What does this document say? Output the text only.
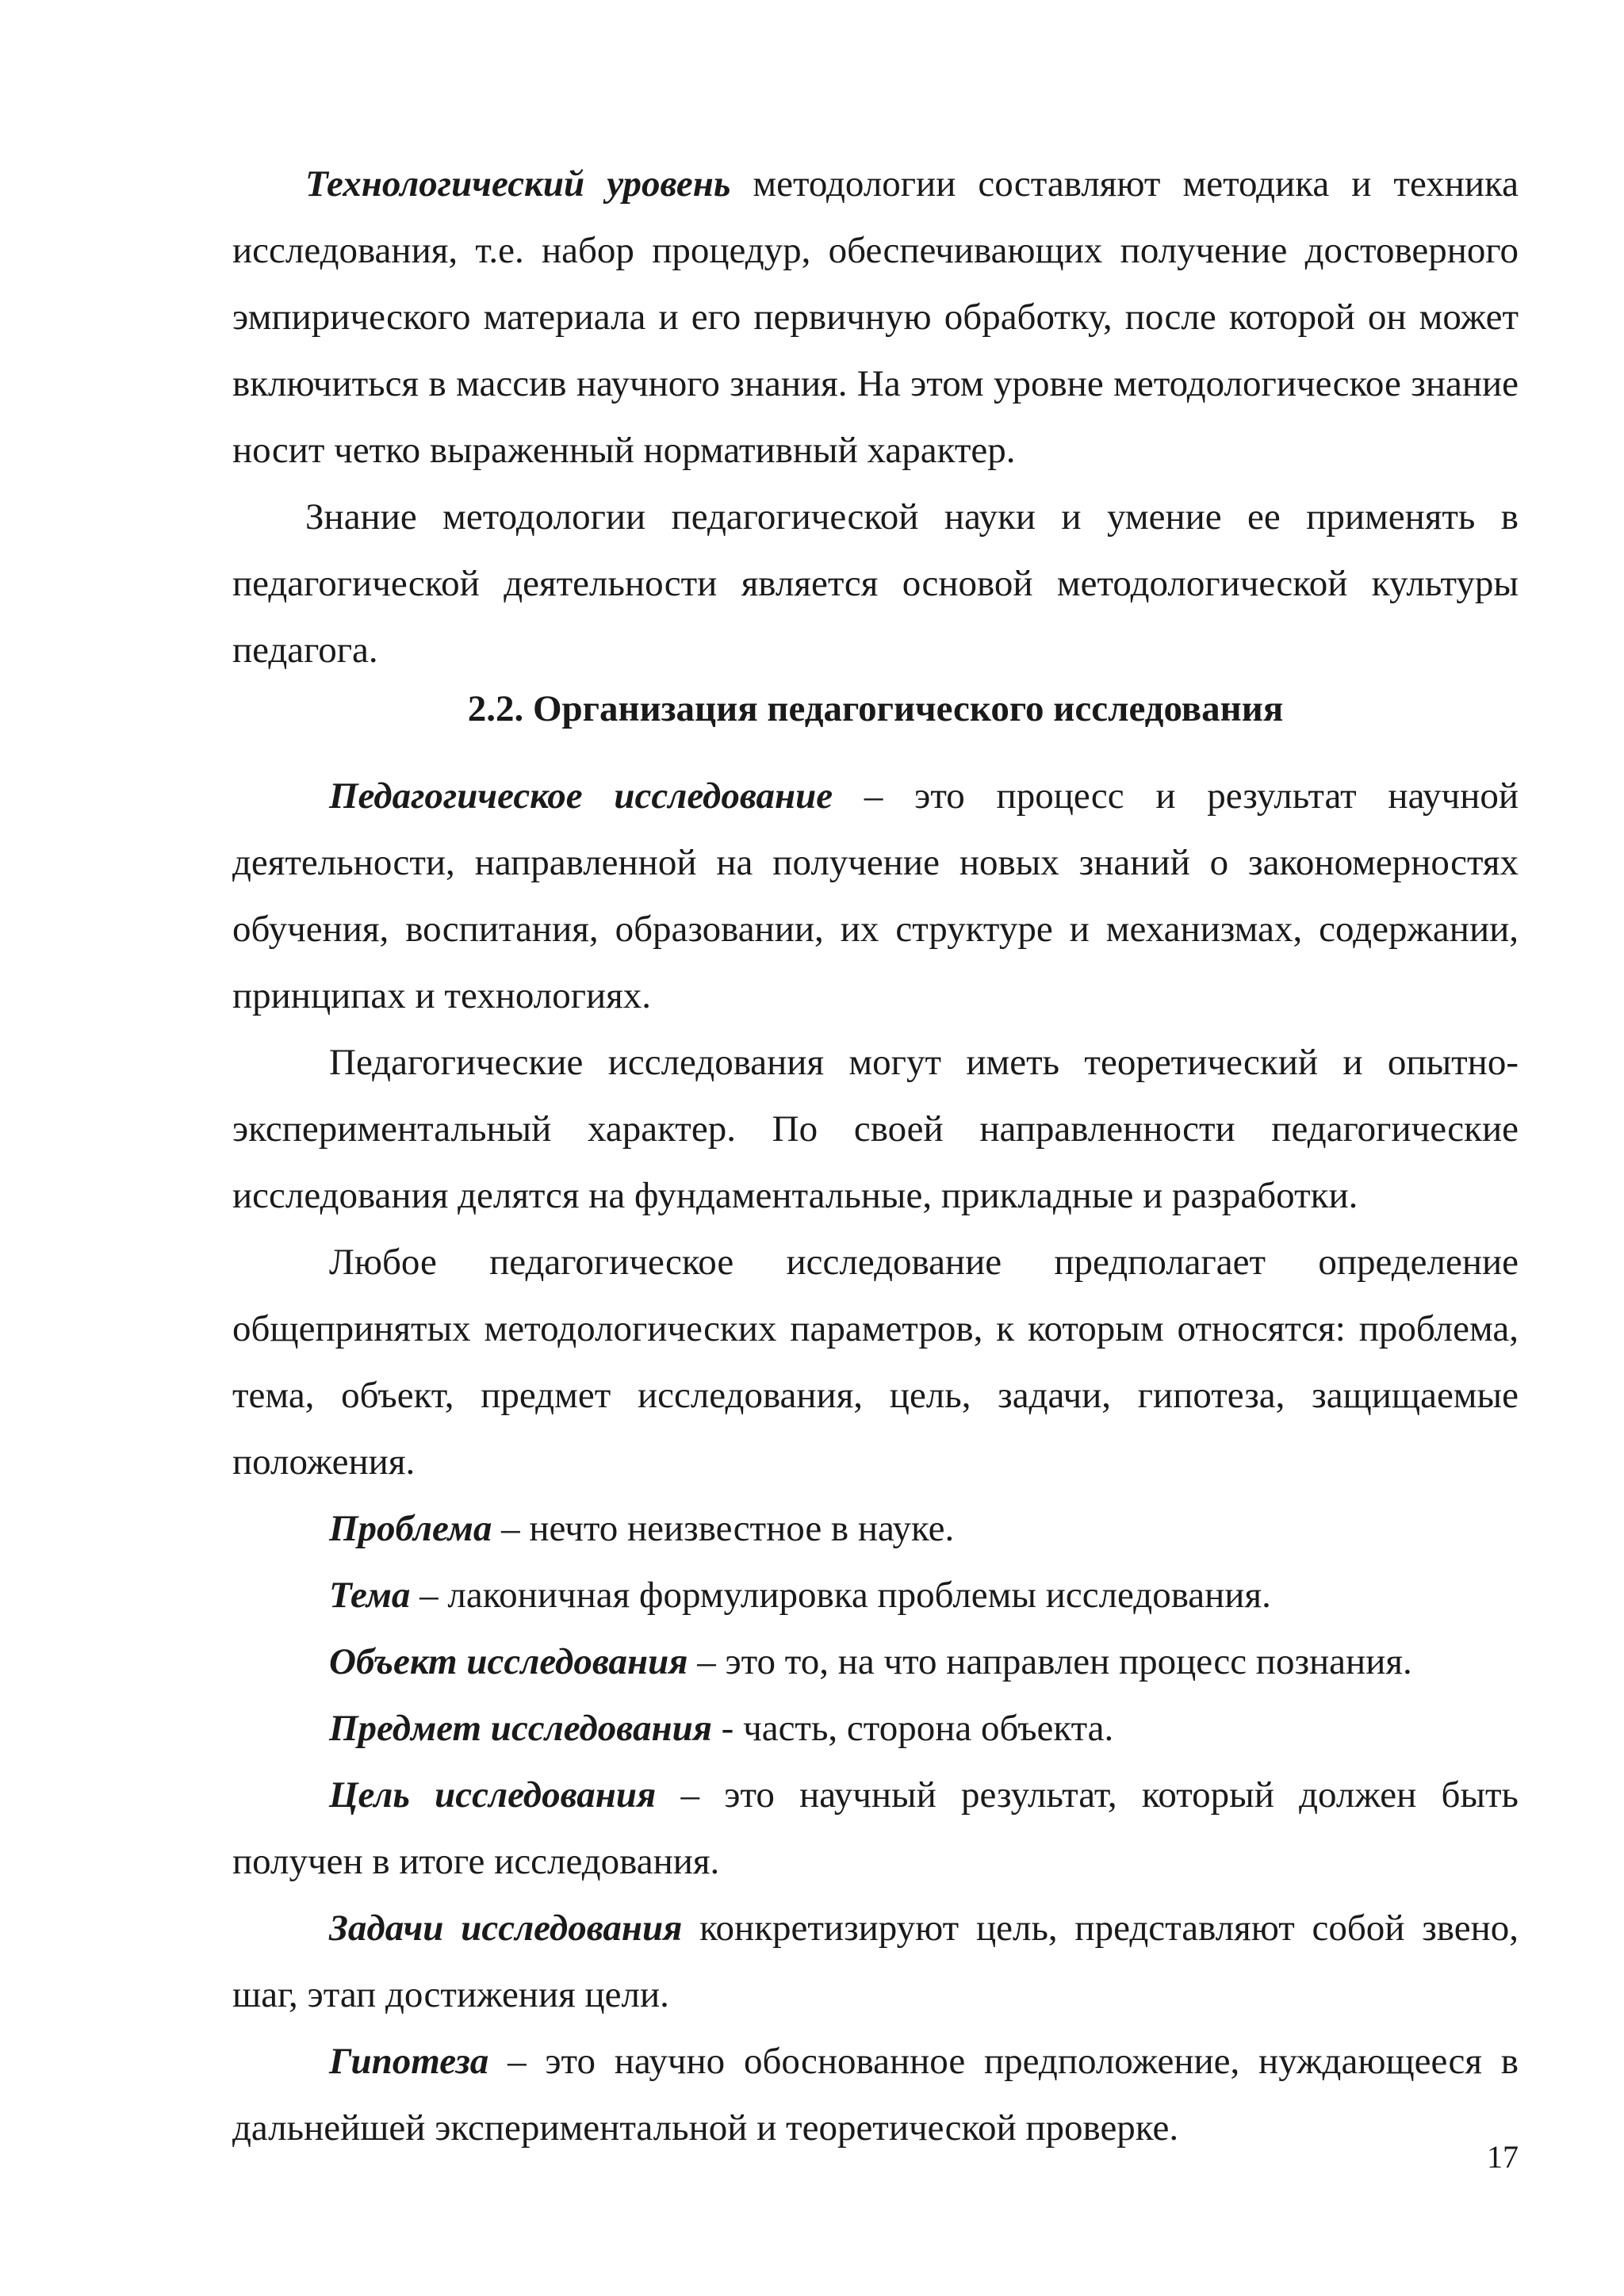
Технологический уровень методологии составляют методика и техника исследования, т.е. набор процедур, обеспечивающих получение достоверного эмпирического материала и его первичную обработку, после которой он может включиться в массив научного знания. На этом уровне методологическое знание носит четко выраженный нормативный характер.

Знание методологии педагогической науки и умение ее применять в педагогической деятельности является основой методологической культуры педагога.

2.2. Организация педагогического исследования

Педагогическое исследование – это процесс и результат научной деятельности, направленной на получение новых знаний о закономерностях обучения, воспитания, образовании, их структуре и механизмах, содержании, принципах и технологиях.

Педагогические исследования могут иметь теоретический и опытно-экспериментальный характер. По своей направленности педагогические исследования делятся на фундаментальные, прикладные и разработки.

Любое педагогическое исследование предполагает определение общепринятых методологических параметров, к которым относятся: проблема, тема, объект, предмет исследования, цель, задачи, гипотеза, защищаемые положения.

Проблема – нечто неизвестное в науке.

Тема – лаконичная формулировка проблемы исследования.

Объект исследования – это то, на что направлен процесс познания.

Предмет исследования - часть, сторона объекта.

Цель исследования – это научный результат, который должен быть получен в итоге исследования.

Задачи исследования конкретизируют цель, представляют собой звено, шаг, этап достижения цели.

Гипотеза – это научно обоснованное предположение, нуждающееся в дальнейшей экспериментальной и теоретической проверке.

17
